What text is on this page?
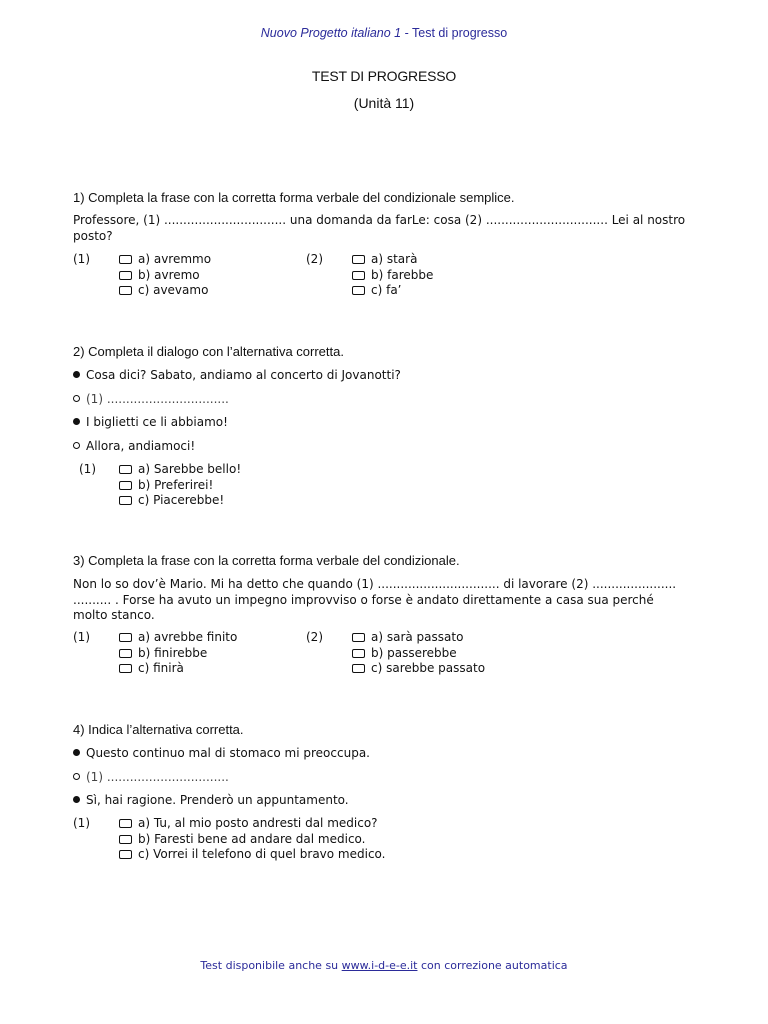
Nuovo Progetto italiano 1 - Test di progresso
TEST DI PROGRESSO
(Unità 11)
1) Completa la frase con la corretta forma verbale del condizionale semplice.
Professore, (1) ................................ una domanda da farLe: cosa (2) ................................ Lei al nostro
posto?
(1)	a) avremmo
b) avremo
c) avevamo
(2)	a) starà
b) farebbe
c) fa’
2) Completa il dialogo con l’alternativa corretta.
Cosa dici? Sabato, andiamo al concerto di Jovanotti?
(1) ................................
I biglietti ce li abbiamo!
Allora, andiamoci!
(1)	a) Sarebbe bello!
b) Preferirei!
c) Piacerebbe!
3) Completa la frase con la corretta forma verbale del condizionale.
Non lo so dov’è Mario. Mi ha detto che quando (1) ................................ di lavorare (2) ......................
.......... . Forse ha avuto un impegno improvviso o forse è andato direttamente a casa sua perché
molto stanco.
(1)	a) avrebbe finito
b) finirebbe
c) finirà
(2)	a) sarà passato
b) passerebbe
c) sarebbe passato
4) Indica l’alternativa corretta.
Questo continuo mal di stomaco mi preoccupa.
(1) ................................
Sì, hai ragione. Prenderò un appuntamento.
(1)	a) Tu, al mio posto andresti dal medico?
b) Faresti bene ad andare dal medico.
c) Vorrei il telefono di quel bravo medico.
Test disponibile anche su www.i-d-e-e.it con correzione automatica
